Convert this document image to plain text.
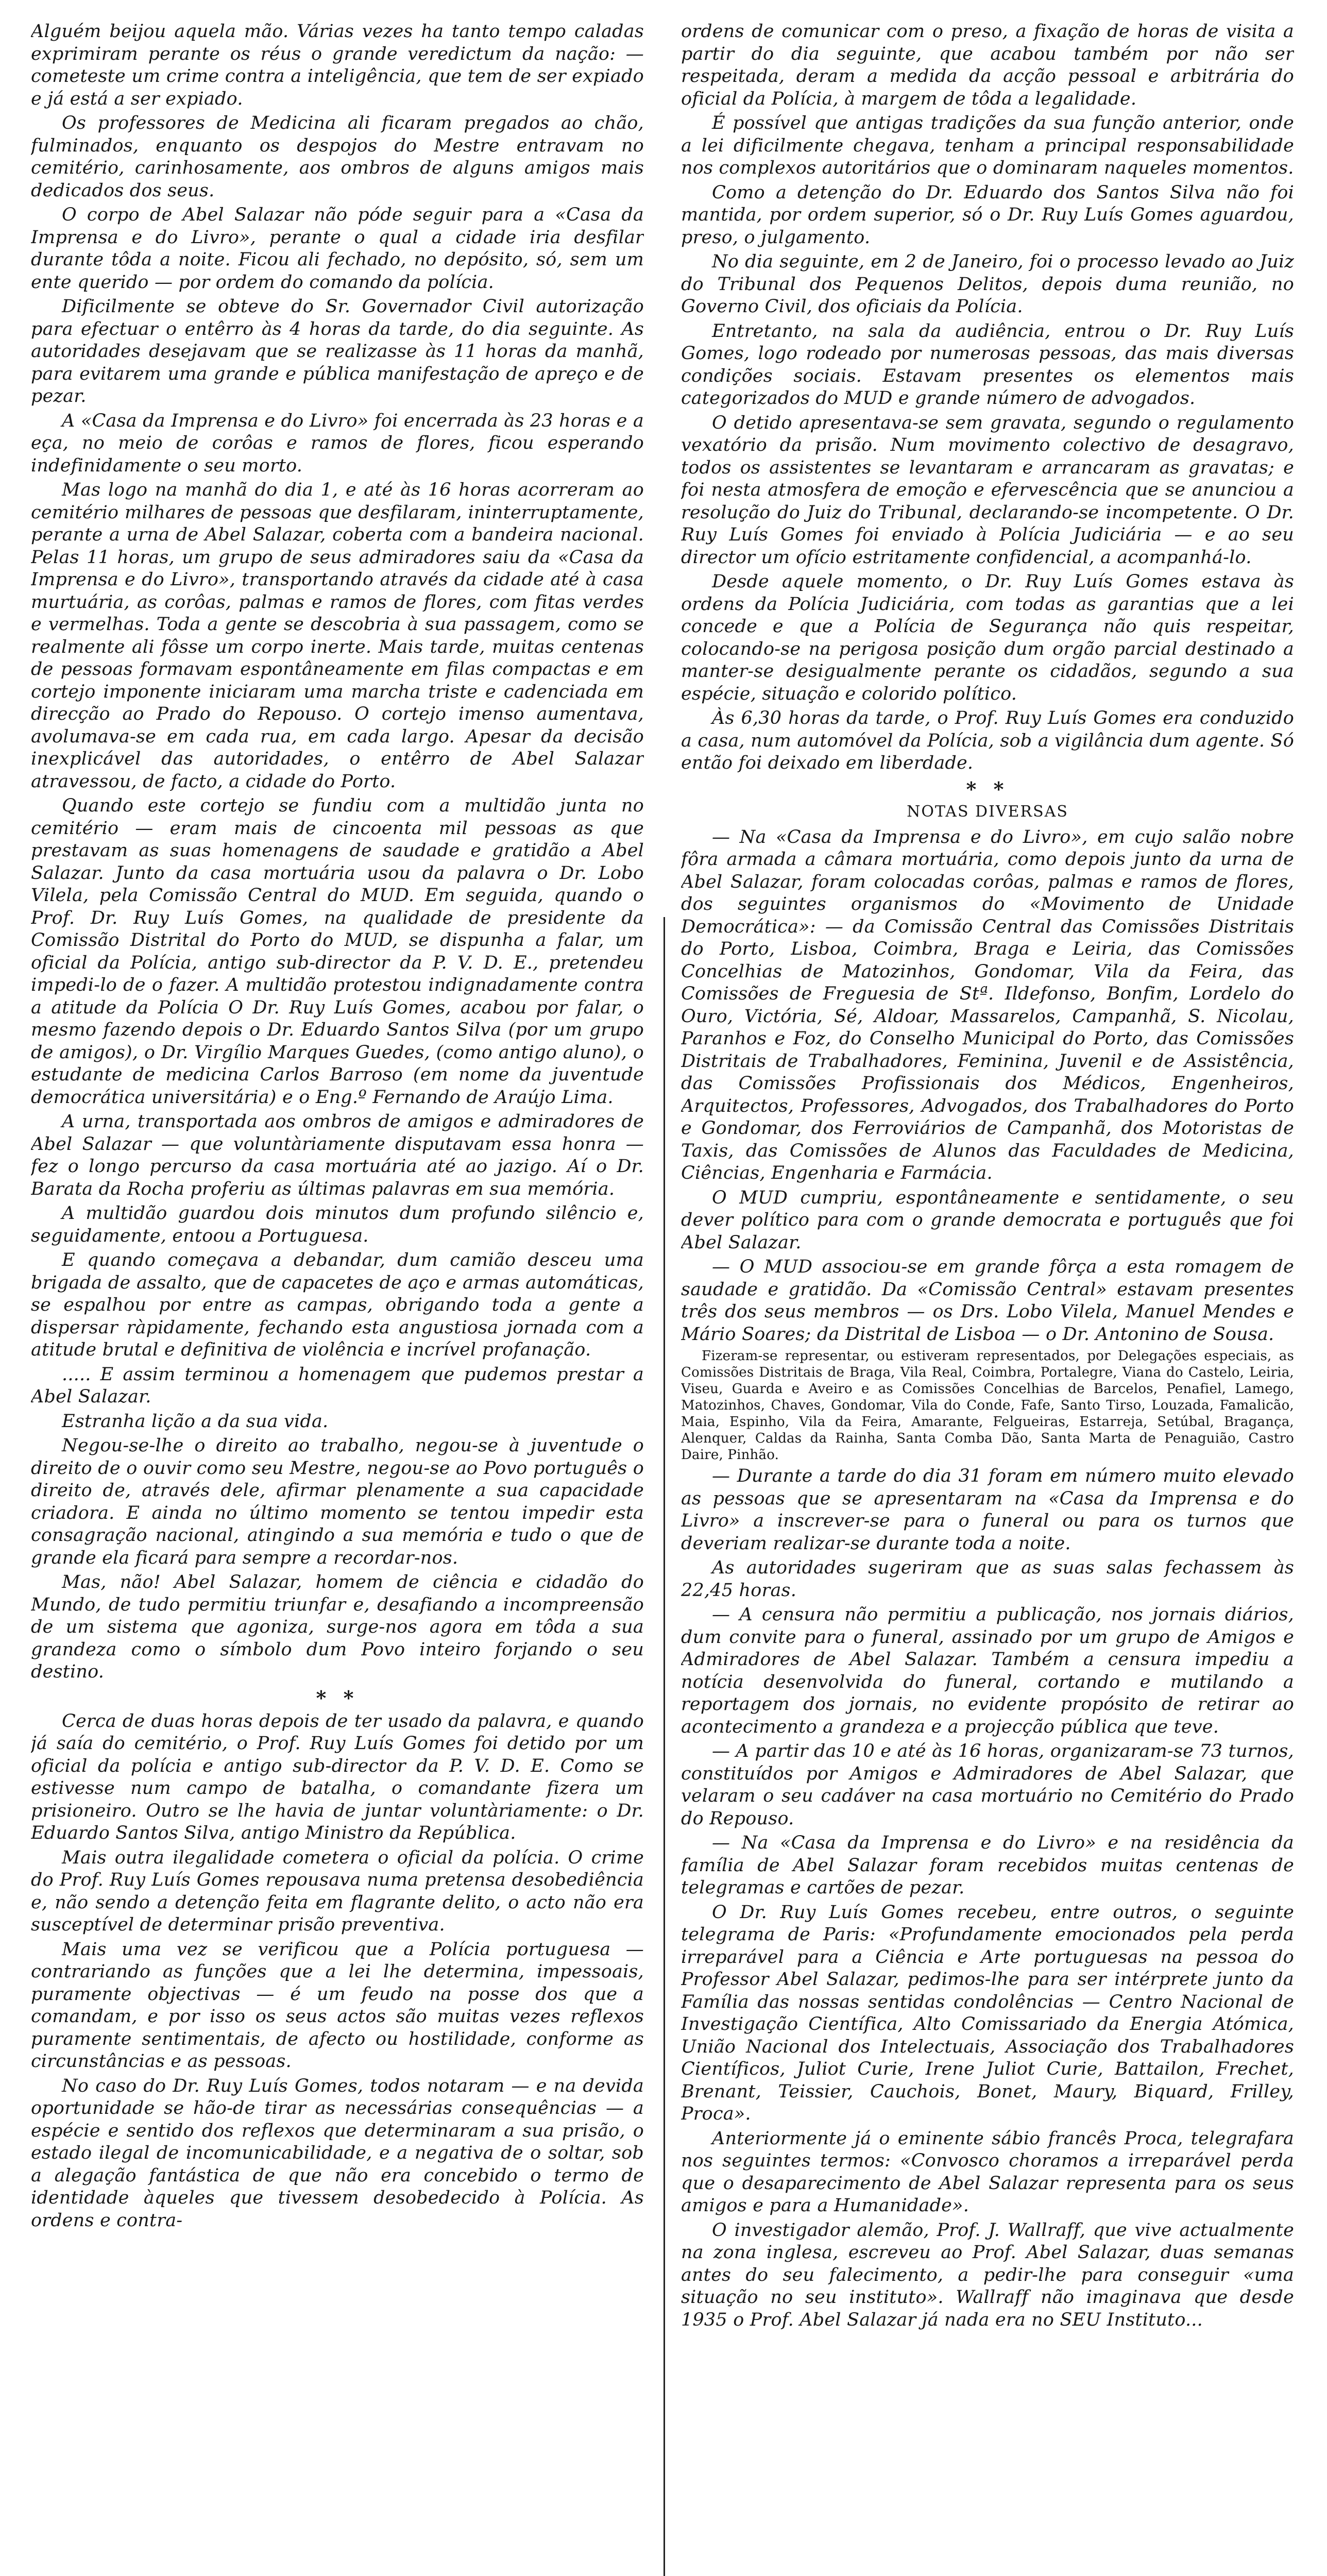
Alguém beijou aquela mão. Várias vezes ha tanto tempo caladas exprimiram perante os réus o grande veredictum da nação: — cometeste um crime contra a inteligência, que tem de ser expiado e já está a ser expiado.

Os professores de Medicina ali ficaram pregados ao chão, fulminados, enquanto os despojos do Mestre entravam no cemitério, carinhosamente, aos ombros de alguns amigos mais dedicados dos seus.

O corpo de Abel Salazar não póde seguir para a «Casa da Imprensa e do Livro», perante o qual a cidade iria desfilar durante tôda a noite. Ficou ali fechado, no depósito, só, sem um ente querido — por ordem do comando da polícia.

Dificilmente se obteve do Sr. Governador Civil autorização para efectuar o entêrro às 4 horas da tarde, do dia seguinte. As autoridades desejavam que se realizasse às 11 horas da manhã, para evitarem uma grande e pública manifestação de apreço e de pezar.

A «Casa da Imprensa e do Livro» foi encerrada às 23 horas e a eça, no meio de corôas e ramos de flores, ficou esperando indefinidamente o seu morto.

Mas logo na manhã do dia 1, e até às 16 horas acorreram ao cemitério milhares de pessoas que desfilaram, ininterruptamente, perante a urna de Abel Salazar, coberta com a bandeira nacional. Pelas 11 horas, um grupo de seus admiradores saiu da «Casa da Imprensa e do Livro», transportando através da cidade até à casa murtuária, as corôas, palmas e ramos de flores, com fitas verdes e vermelhas. Toda a gente se descobria à sua passagem, como se realmente ali fôsse um corpo inerte. Mais tarde, muitas centenas de pessoas formavam espontâneamente em filas compactas e em cortejo imponente iniciaram uma marcha triste e cadenciada em direcção ao Prado do Repouso. O cortejo imenso aumentava, avolumava-se em cada rua, em cada largo. Apesar da decisão inexplicável das autoridades, o entêrro de Abel Salazar atravessou, de facto, a cidade do Porto.

Quando este cortejo se fundiu com a multidão junta no cemitério — eram mais de cincoenta mil pessoas as que prestavam as suas homenagens de saudade e gratidão a Abel Salazar. Junto da casa mortuária usou da palavra o Dr. Lobo Vilela, pela Comissão Central do MUD. Em seguida, quando o Prof. Dr. Ruy Luís Gomes, na qualidade de presidente da Comissão Distrital do Porto do MUD, se dispunha a falar, um oficial da Polícia, antigo sub-director da P. V. D. E., pretendeu impedi-lo de o fazer. A multidão protestou indignadamente contra a atitude da Polícia O Dr. Ruy Luís Gomes, acabou por falar, o mesmo fazendo depois o Dr. Eduardo Santos Silva (por um grupo de amigos), o Dr. Virgílio Marques Guedes, (como antigo aluno), o estudante de medicina Carlos Barroso (em nome da juventude democrática universitária) e o Eng.º Fernando de Araújo Lima.

A urna, transportada aos ombros de amigos e admiradores de Abel Salazar — que voluntàriamente disputavam essa honra — fez o longo percurso da casa mortuária até ao jazigo. Aí o Dr. Barata da Rocha proferiu as últimas palavras em sua memória.

A multidão guardou dois minutos dum profundo silêncio e, seguidamente, entoou a Portuguesa.

E quando começava a debandar, dum camião desceu uma brigada de assalto, que de capacetes de aço e armas automáticas, se espalhou por entre as campas, obrigando toda a gente a dispersar ràpidamente, fechando esta angustiosa jornada com a atitude brutal e definitiva de violência e incrível profanação.

..... E assim terminou a homenagem que pudemos prestar a Abel Salazar.

Estranha lição a da sua vida.

Negou-se-lhe o direito ao trabalho, negou-se à juventude o direito de o ouvir como seu Mestre, negou-se ao Povo português o direito de, através dele, afirmar plenamente a sua capacidade criadora. E ainda no último momento se tentou impedir esta consagração nacional, atingindo a sua memória e tudo o que de grande ela ficará para sempre a recordar-nos.

Mas, não! Abel Salazar, homem de ciência e cidadão do Mundo, de tudo permitiu triunfar e, desafiando a incompreensão de um sistema que agoniza, surge-nos agora em tôda a sua grandeza como o símbolo dum Povo inteiro forjando o seu destino.

* *

Cerca de duas horas depois de ter usado da palavra, e quando já saía do cemitério, o Prof. Ruy Luís Gomes foi detido por um oficial da polícia e antigo sub-director da P. V. D. E. Como se estivesse num campo de batalha, o comandante fizera um prisioneiro. Outro se lhe havia de juntar voluntàriamente: o Dr. Eduardo Santos Silva, antigo Ministro da República.

Mais outra ilegalidade cometera o oficial da polícia. O crime do Prof. Ruy Luís Gomes repousava numa pretensa desobediência e, não sendo a detenção feita em flagrante delito, o acto não era susceptível de determinar prisão preventiva.

Mais uma vez se verificou que a Polícia portuguesa — contrariando as funções que a lei lhe determina, impessoais, puramente objectivas — é um feudo na posse dos que a comandam, e por isso os seus actos são muitas vezes reflexos puramente sentimentais, de afecto ou hostilidade, conforme as circunstâncias e as pessoas.

No caso do Dr. Ruy Luís Gomes, todos notaram — e na devida oportunidade se hão-de tirar as necessárias consequências — a espécie e sentido dos reflexos que determinaram a sua prisão, o estado ilegal de incomunicabilidade, e a negativa de o soltar, sob a alegação fantástica de que não era concebido o termo de identidade àqueles que tivessem desobedecido à Polícia. As ordens e contra-

ordens de comunicar com o preso, a fixação de horas de visita a partir do dia seguinte, que acabou também por não ser respeitada, deram a medida da acção pessoal e arbitrária do oficial da Polícia, à margem de tôda a legalidade.

É possível que antigas tradições da sua função anterior, onde a lei dificilmente chegava, tenham a principal responsabilidade nos complexos autoritários que o dominaram naqueles momentos.

Como a detenção do Dr. Eduardo dos Santos Silva não foi mantida, por ordem superior, só o Dr. Ruy Luís Gomes aguardou, preso, o julgamento.

No dia seguinte, em 2 de Janeiro, foi o processo levado ao Juiz do Tribunal dos Pequenos Delitos, depois duma reunião, no Governo Civil, dos oficiais da Polícia.

Entretanto, na sala da audiência, entrou o Dr. Ruy Luís Gomes, logo rodeado por numerosas pessoas, das mais diversas condições sociais. Estavam presentes os elementos mais categorizados do MUD e grande número de advogados.

O detido apresentava-se sem gravata, segundo o regulamento vexatório da prisão. Num movimento colectivo de desagravo, todos os assistentes se levantaram e arrancaram as gravatas; e foi nesta atmosfera de emoção e efervescência que se anunciou a resolução do Juiz do Tribunal, declarando-se incompetente. O Dr. Ruy Luís Gomes foi enviado à Polícia Judiciária — e ao seu director um ofício estritamente confidencial, a acompanhá-lo.

Desde aquele momento, o Dr. Ruy Luís Gomes estava às ordens da Polícia Judiciária, com todas as garantias que a lei concede e que a Polícia de Segurança não quis respeitar, colocando-se na perigosa posição dum orgão parcial destinado a manter-se desigualmente perante os cidadãos, segundo a sua espécie, situação e colorido político.

Às 6,30 horas da tarde, o Prof. Ruy Luís Gomes era conduzido a casa, num automóvel da Polícia, sob a vigilância dum agente. Só então foi deixado em liberdade.

* *
NOTAS DIVERSAS

— Na «Casa da Imprensa e do Livro», em cujo salão nobre fôra armada a câmara mortuária, como depois junto da urna de Abel Salazar, foram colocadas corôas, palmas e ramos de flores, dos seguintes organismos do «Movimento de Unidade Democrática»: — da Comissão Central das Comissões Distritais do Porto, Lisboa, Coimbra, Braga e Leiria, das Comissões Concelhias de Matozinhos, Gondomar, Vila da Feira, das Comissões de Freguesia de Stª. Ildefonso, Bonfim, Lordelo do Ouro, Victória, Sé, Aldoar, Massarelos, Campanhã, S. Nicolau, Paranhos e Foz, do Conselho Municipal do Porto, das Comissões Distritais de Trabalhadores, Feminina, Juvenil e de Assistência, das Comissões Profissionais dos Médicos, Engenheiros, Arquitectos, Professores, Advogados, dos Trabalhadores do Porto e Gondomar, dos Ferroviários de Campanhã, dos Motoristas de Taxis, das Comissões de Alunos das Faculdades de Medicina, Ciências, Engenharia e Farmácia.

O MUD cumpriu, espontâneamente e sentidamente, o seu dever político para com o grande democrata e português que foi Abel Salazar.

— O MUD associou-se em grande fôrça a esta romagem de saudade e gratidão. Da «Comissão Central» estavam presentes três dos seus membros — os Drs. Lobo Vilela, Manuel Mendes e Mário Soares; da Distrital de Lisboa — o Dr. Antonino de Sousa.

Fizeram-se representar, ou estiveram representados, por Delegações especiais, as Comissões Distritais de Braga, Vila Real, Coimbra, Portalegre, Viana do Castelo, Leiria, Viseu, Guarda e Aveiro e as Comissões Concelhias de Barcelos, Penafiel, Lamego, Matozinhos, Chaves, Gondomar, Vila do Conde, Fafe, Santo Tirso, Louzada, Famalicão, Maia, Espinho, Vila da Feira, Amarante, Felgueiras, Estarreja, Setúbal, Bragança, Alenquer, Caldas da Rainha, Santa Comba Dão, Santa Marta de Penaguião, Castro Daire, Pinhão.

— Durante a tarde do dia 31 foram em número muito elevado as pessoas que se apresentaram na «Casa da Imprensa e do Livro» a inscrever-se para o funeral ou para os turnos que deveriam realizar-se durante toda a noite.

As autoridades sugeriram que as suas salas fechassem às 22,45 horas.

— A censura não permitiu a publicação, nos jornais diários, dum convite para o funeral, assinado por um grupo de Amigos e Admiradores de Abel Salazar. Também a censura impediu a notícia desenvolvida do funeral, cortando e mutilando a reportagem dos jornais, no evidente propósito de retirar ao acontecimento a grandeza e a projecção pública que teve.

— A partir das 10 e até às 16 horas, organizaram-se 73 turnos, constituídos por Amigos e Admiradores de Abel Salazar, que velaram o seu cadáver na casa mortuário no Cemitério do Prado do Repouso.

— Na «Casa da Imprensa e do Livro» e na residência da família de Abel Salazar foram recebidos muitas centenas de telegramas e cartões de pezar.

O Dr. Ruy Luís Gomes recebeu, entre outros, o seguinte telegrama de Paris: «Profundamente emocionados pela perda irreparável para a Ciência e Arte portuguesas na pessoa do Professor Abel Salazar, pedimos-lhe para ser intérprete junto da Família das nossas sentidas condolências — Centro Nacional de Investigação Científica, Alto Comissariado da Energia Atómica, União Nacional dos Intelectuais, Associação dos Trabalhadores Científicos, Juliot Curie, Irene Juliot Curie, Battailon, Frechet, Brenant, Teissier, Cauchois, Bonet, Maury, Biquard, Frilley, Proca».

Anteriormente já o eminente sábio francês Proca, telegrafara nos seguintes termos: «Convosco choramos a irreparável perda que o desaparecimento de Abel Salazar representa para os seus amigos e para a Humanidade».

O investigador alemão, Prof. J. Wallraff, que vive actualmente na zona inglesa, escreveu ao Prof. Abel Salazar, duas semanas antes do seu falecimento, a pedir-lhe para conseguir «uma situação no seu instituto». Wallraff não imaginava que desde 1935 o Prof. Abel Salazar já nada era no SEU Instituto...
